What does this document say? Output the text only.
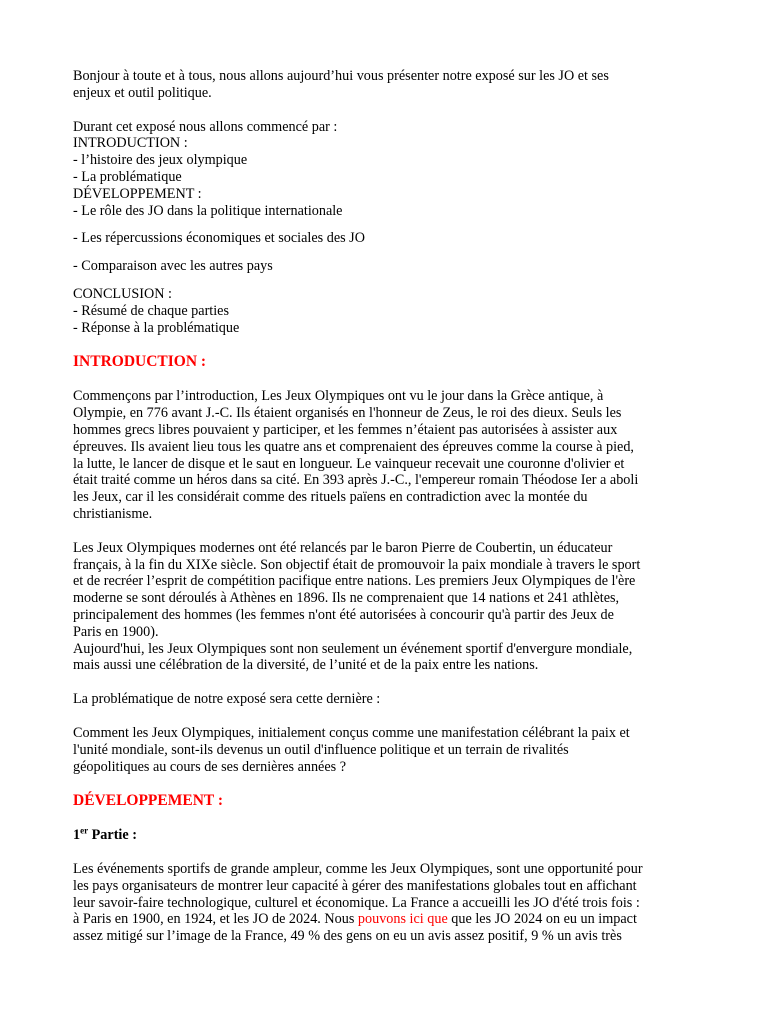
Bonjour à toute et à tous, nous allons aujourd’hui vous présenter notre exposé sur les JO et ses
enjeux et outil politique.
Durant cet exposé nous allons commencé par :
INTRODUCTION :
- l’histoire des jeux olympique
- La problématique
DÉVELOPPEMENT :
- Le rôle des JO dans la politique internationale
- Les répercussions économiques et sociales des JO
- Comparaison avec les autres pays
CONCLUSION :
- Résumé de chaque parties
- Réponse à la problématique
INTRODUCTION :
Commençons par l’introduction, Les Jeux Olympiques ont vu le jour dans la Grèce antique, à
Olympie, en 776 avant J.-C. Ils étaient organisés en l'honneur de Zeus, le roi des dieux. Seuls les
hommes grecs libres pouvaient y participer, et les femmes n’étaient pas autorisées à assister aux
épreuves. Ils avaient lieu tous les quatre ans et comprenaient des épreuves comme la course à pied,
la lutte, le lancer de disque et le saut en longueur. Le vainqueur recevait une couronne d'olivier et
était traité comme un héros dans sa cité. En 393 après J.-C., l'empereur romain Théodose Ier a aboli
les Jeux, car il les considérait comme des rituels païens en contradiction avec la montée du
christianisme.
Les Jeux Olympiques modernes ont été relancés par le baron Pierre de Coubertin, un éducateur
français, à la fin du XIXe siècle. Son objectif était de promouvoir la paix mondiale à travers le sport
et de recréer l’esprit de compétition pacifique entre nations. Les premiers Jeux Olympiques de l'ère
moderne se sont déroulés à Athènes en 1896. Ils ne comprenaient que 14 nations et 241 athlètes,
principalement des hommes (les femmes n'ont été autorisées à concourir qu'à partir des Jeux de
Paris en 1900).
Aujourd'hui, les Jeux Olympiques sont non seulement un événement sportif d'envergure mondiale,
mais aussi une célébration de la diversité, de l’unité et de la paix entre les nations.
La problématique de notre exposé sera cette dernière :
Comment les Jeux Olympiques, initialement conçus comme une manifestation célébrant la paix et
l'unité mondiale, sont-ils devenus un outil d'influence politique et un terrain de rivalités
géopolitiques au cours de ses dernières années ?
DÉVELOPPEMENT :
1er Partie :
Les événements sportifs de grande ampleur, comme les Jeux Olympiques, sont une opportunité pour
les pays organisateurs de montrer leur capacité à gérer des manifestations globales tout en affichant
leur savoir-faire technologique, culturel et économique. La France a accueilli les JO d'été trois fois :
à Paris en 1900, en 1924, et les JO de 2024. Nous pouvons ici que que les JO 2024 on eu un impact
assez mitigé sur l’image de la France, 49 % des gens on eu un avis assez positif, 9 % un avis très
